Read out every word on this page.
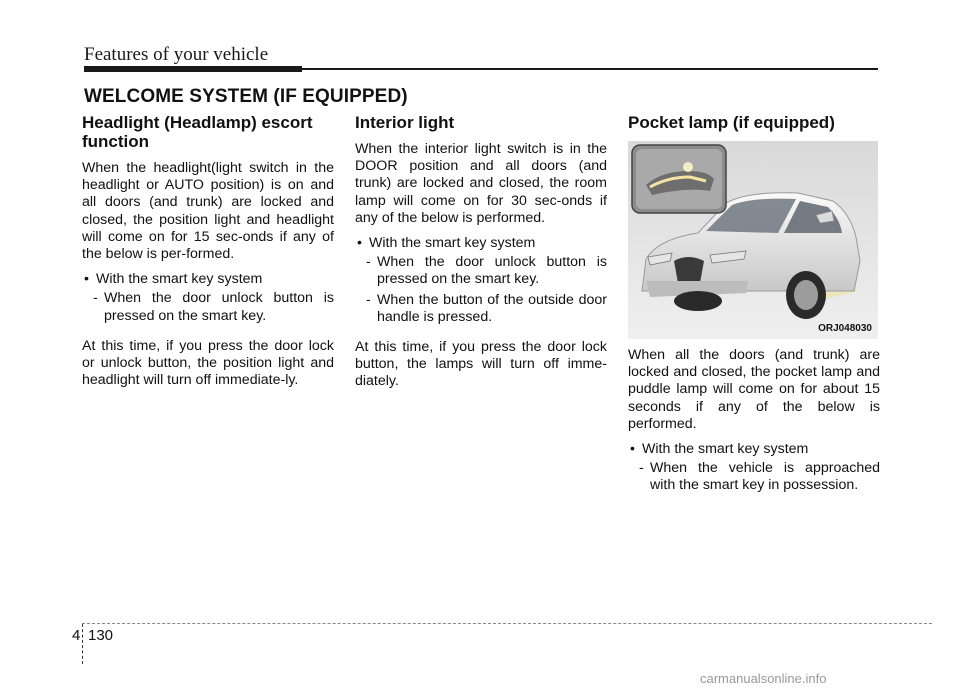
Features of your vehicle
WELCOME SYSTEM (IF EQUIPPED)
Headlight (Headlamp) escort function

When the headlight(light switch in the headlight or AUTO position) is on and all doors (and trunk) are locked and closed, the position light and headlight will come on for 15 sec-onds if any of the below is per-formed.

• With the smart key system
- When the door unlock button is pressed on the smart key.

At this time, if you press the door lock or unlock button, the position light and headlight will turn off immediate-ly.

Interior light

When the interior light switch is in the DOOR position and all doors (and trunk) are locked and closed, the room lamp will come on for 30 sec-onds if any of the below is performed.

• With the smart key system
- When the door unlock button is pressed on the smart key.
- When the button of the outside door handle is pressed.

At this time, if you press the door lock button, the lamps will turn off imme-diately.

Pocket lamp (if equipped)
ORJ048030

When all the doors (and trunk) are locked and closed, the pocket lamp and puddle lamp will come on for about 15 seconds if any of the below is performed.

• With the smart key system
- When the vehicle is approached with the smart key in possession.
4 130
carmanualsonline.info
